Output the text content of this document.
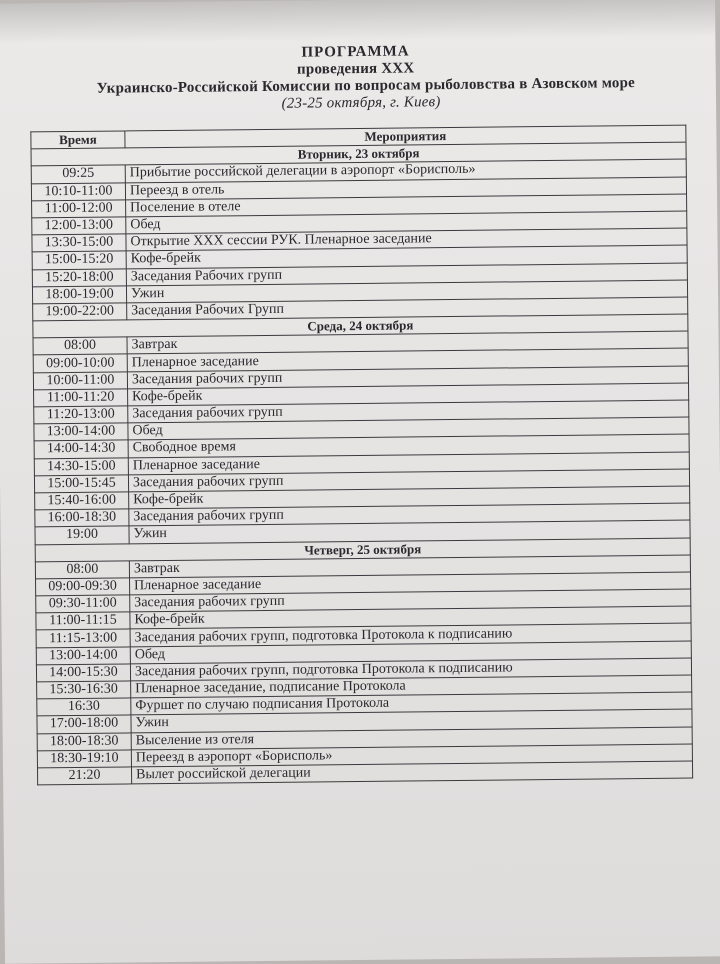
ПРОГРАММА
проведения XXX
Украинско-Российской Комиссии по вопросам рыболовства в Азовском море
(23-25 октября, г. Киев)
Время	Мероприятия
Вторник, 23 октября	
09:25	Прибытие российской делегации в аэропорт «Борисполь»
10:10-11:00	Переезд в отель
11:00-12:00	Поселение в отеле
12:00-13:00	Обед
13:30-15:00	Открытие XXX сессии РУК. Пленарное заседание
15:00-15:20	Кофе-брейк
15:20-18:00	Заседания Рабочих групп
18:00-19:00	Ужин
19:00-22:00	Заседания Рабочих Групп
Среда, 24 октября	
08:00	Завтрак
09:00-10:00	Пленарное заседание
10:00-11:00	Заседания рабочих групп
11:00-11:20	Кофе-брейк
11:20-13:00	Заседания рабочих групп
13:00-14:00	Обед
14:00-14:30	Свободное время
14:30-15:00	Пленарное заседание
15:00-15:45	Заседания рабочих групп
15:40-16:00	Кофе-брейк
16:00-18:30	Заседания рабочих групп
19:00	Ужин
Четверг, 25 октября	
08:00	Завтрак
09:00-09:30	Пленарное заседание
09:30-11:00	Заседания рабочих групп
11:00-11:15	Кофе-брейк
11:15-13:00	Заседания рабочих групп, подготовка Протокола к подписанию
13:00-14:00	Обед
14:00-15:30	Заседания рабочих групп, подготовка Протокола к подписанию
15:30-16:30	Пленарное заседание, подписание Протокола
16:30	Фуршет по случаю подписания Протокола
17:00-18:00	Ужин
18:00-18:30	Выселение из отеля
18:30-19:10	Переезд в аэропорт «Борисполь»
21:20	Вылет российской делегации
